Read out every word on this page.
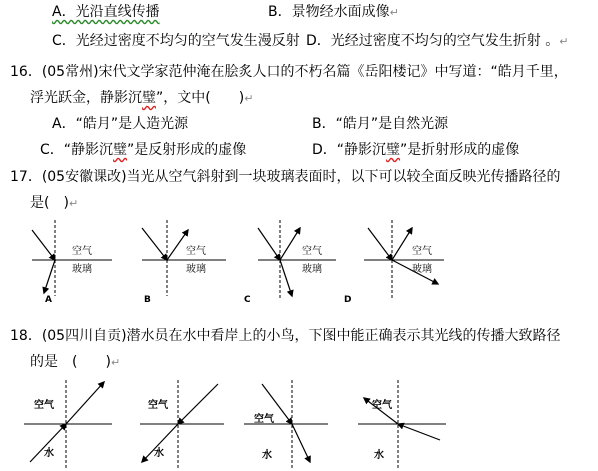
A．光沿直线传播	B．景物经水面成像↵
C．光经过密度不均匀的空气发生漫反射 D．光经过密度不均匀的空气发生折射 。↵
16．(05常州)宋代文学家范仲淹在脍炙人口的不朽名篇《岳阳楼记》中写道：“皓月千里，
浮光跃金，静影沉璧”，文中(　　)↵
A．“皓月”是人造光源	B．“皓月”是自然光源
C．“静影沉璧”是反射形成的虚像	D．“静影沉璧”是折射形成的虚像
17．(05安徽课改)当光从空气斜射到一块玻璃表面时，以下可以较全面反映光传播路径的
是(　)↵
空气
玻璃
A
空气
玻璃
B
空气
玻璃
C
空气
玻璃
D
18．(05四川自贡)潜水员在水中看岸上的小鸟，下图中能正确表示其光线的传播大致路径
的是　(　　)↵
空气
水
空气
水
空气
水
空气
水
